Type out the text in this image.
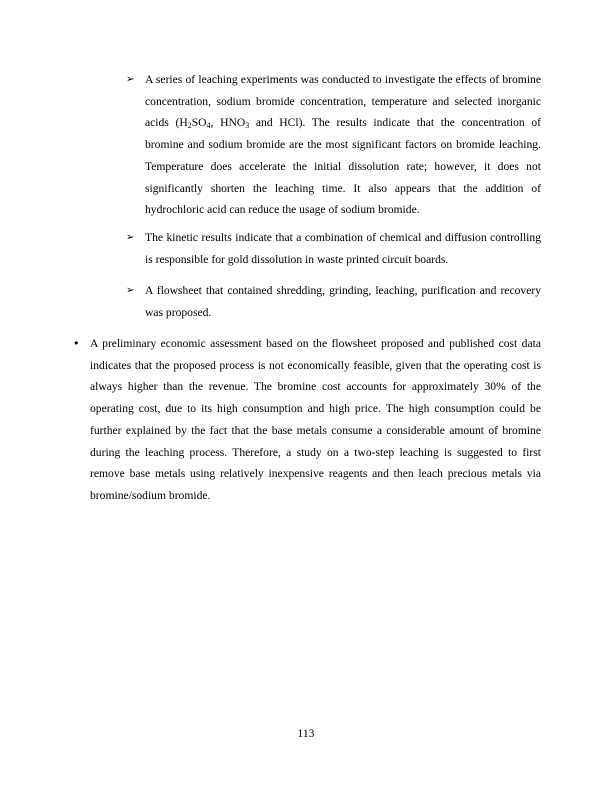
➢ A series of leaching experiments was conducted to investigate the effects of bromine concentration, sodium bromide concentration, temperature and selected inorganic acids ($H_2SO_4$, $HNO_3$ and HCl). The results indicate that the concentration of bromine and sodium bromide are the most significant factors on bromide leaching. Temperature does accelerate the initial dissolution rate; however, it does not significantly shorten the leaching time. It also appears that the addition of hydrochloric acid can reduce the usage of sodium bromide.
➢ The kinetic results indicate that a combination of chemical and diffusion controlling is responsible for gold dissolution in waste printed circuit boards.
➢ A flowsheet that contained shredding, grinding, leaching, purification and recovery was proposed.
• A preliminary economic assessment based on the flowsheet proposed and published cost data indicates that the proposed process is not economically feasible, given that the operating cost is always higher than the revenue. The bromine cost accounts for approximately 30% of the operating cost, due to its high consumption and high price. The high consumption could be further explained by the fact that the base metals consume a considerable amount of bromine during the leaching process. Therefore, a study on a two-step leaching is suggested to first remove base metals using relatively inexpensive reagents and then leach precious metals via bromine/sodium bromide.
113
